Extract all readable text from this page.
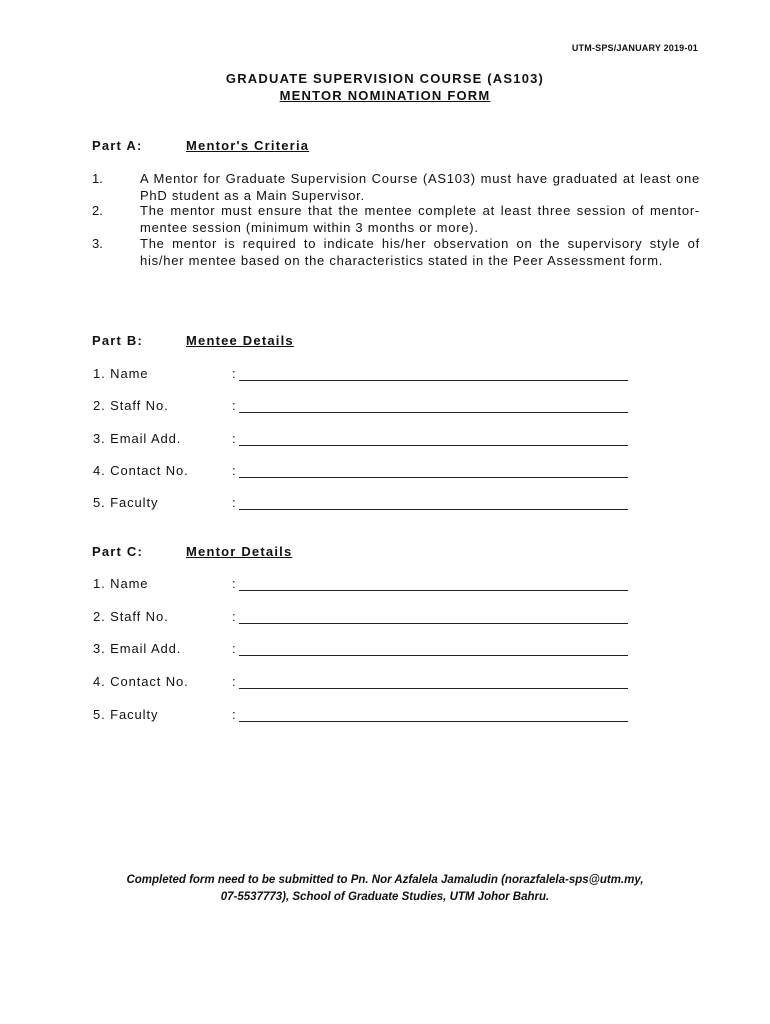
UTM-SPS/JANUARY 2019-01
GRADUATE SUPERVISION COURSE (AS103)
MENTOR NOMINATION FORM
Part A:	Mentor's Criteria
1.	A Mentor for Graduate Supervision Course (AS103) must have graduated at least one PhD student as a Main Supervisor.
2.	The mentor must ensure that the mentee complete at least three session of mentor-mentee session (minimum within 3 months or more).
3.	The mentor is required to indicate his/her observation on the supervisory style of his/her mentee based on the characteristics stated in the Peer Assessment form.
Part B:	Mentee Details
1. Name	:
2. Staff No.	:
3. Email Add.	:
4. Contact No.	:
5. Faculty	:
Part C:	Mentor Details
1. Name	:
2. Staff No.	:
3. Email Add.	:
4. Contact No.	:
5. Faculty	:
Completed form need to be submitted to Pn. Nor Azfalela Jamaludin (norazfalela-sps@utm.my,
07-5537773), School of Graduate Studies, UTM Johor Bahru.
